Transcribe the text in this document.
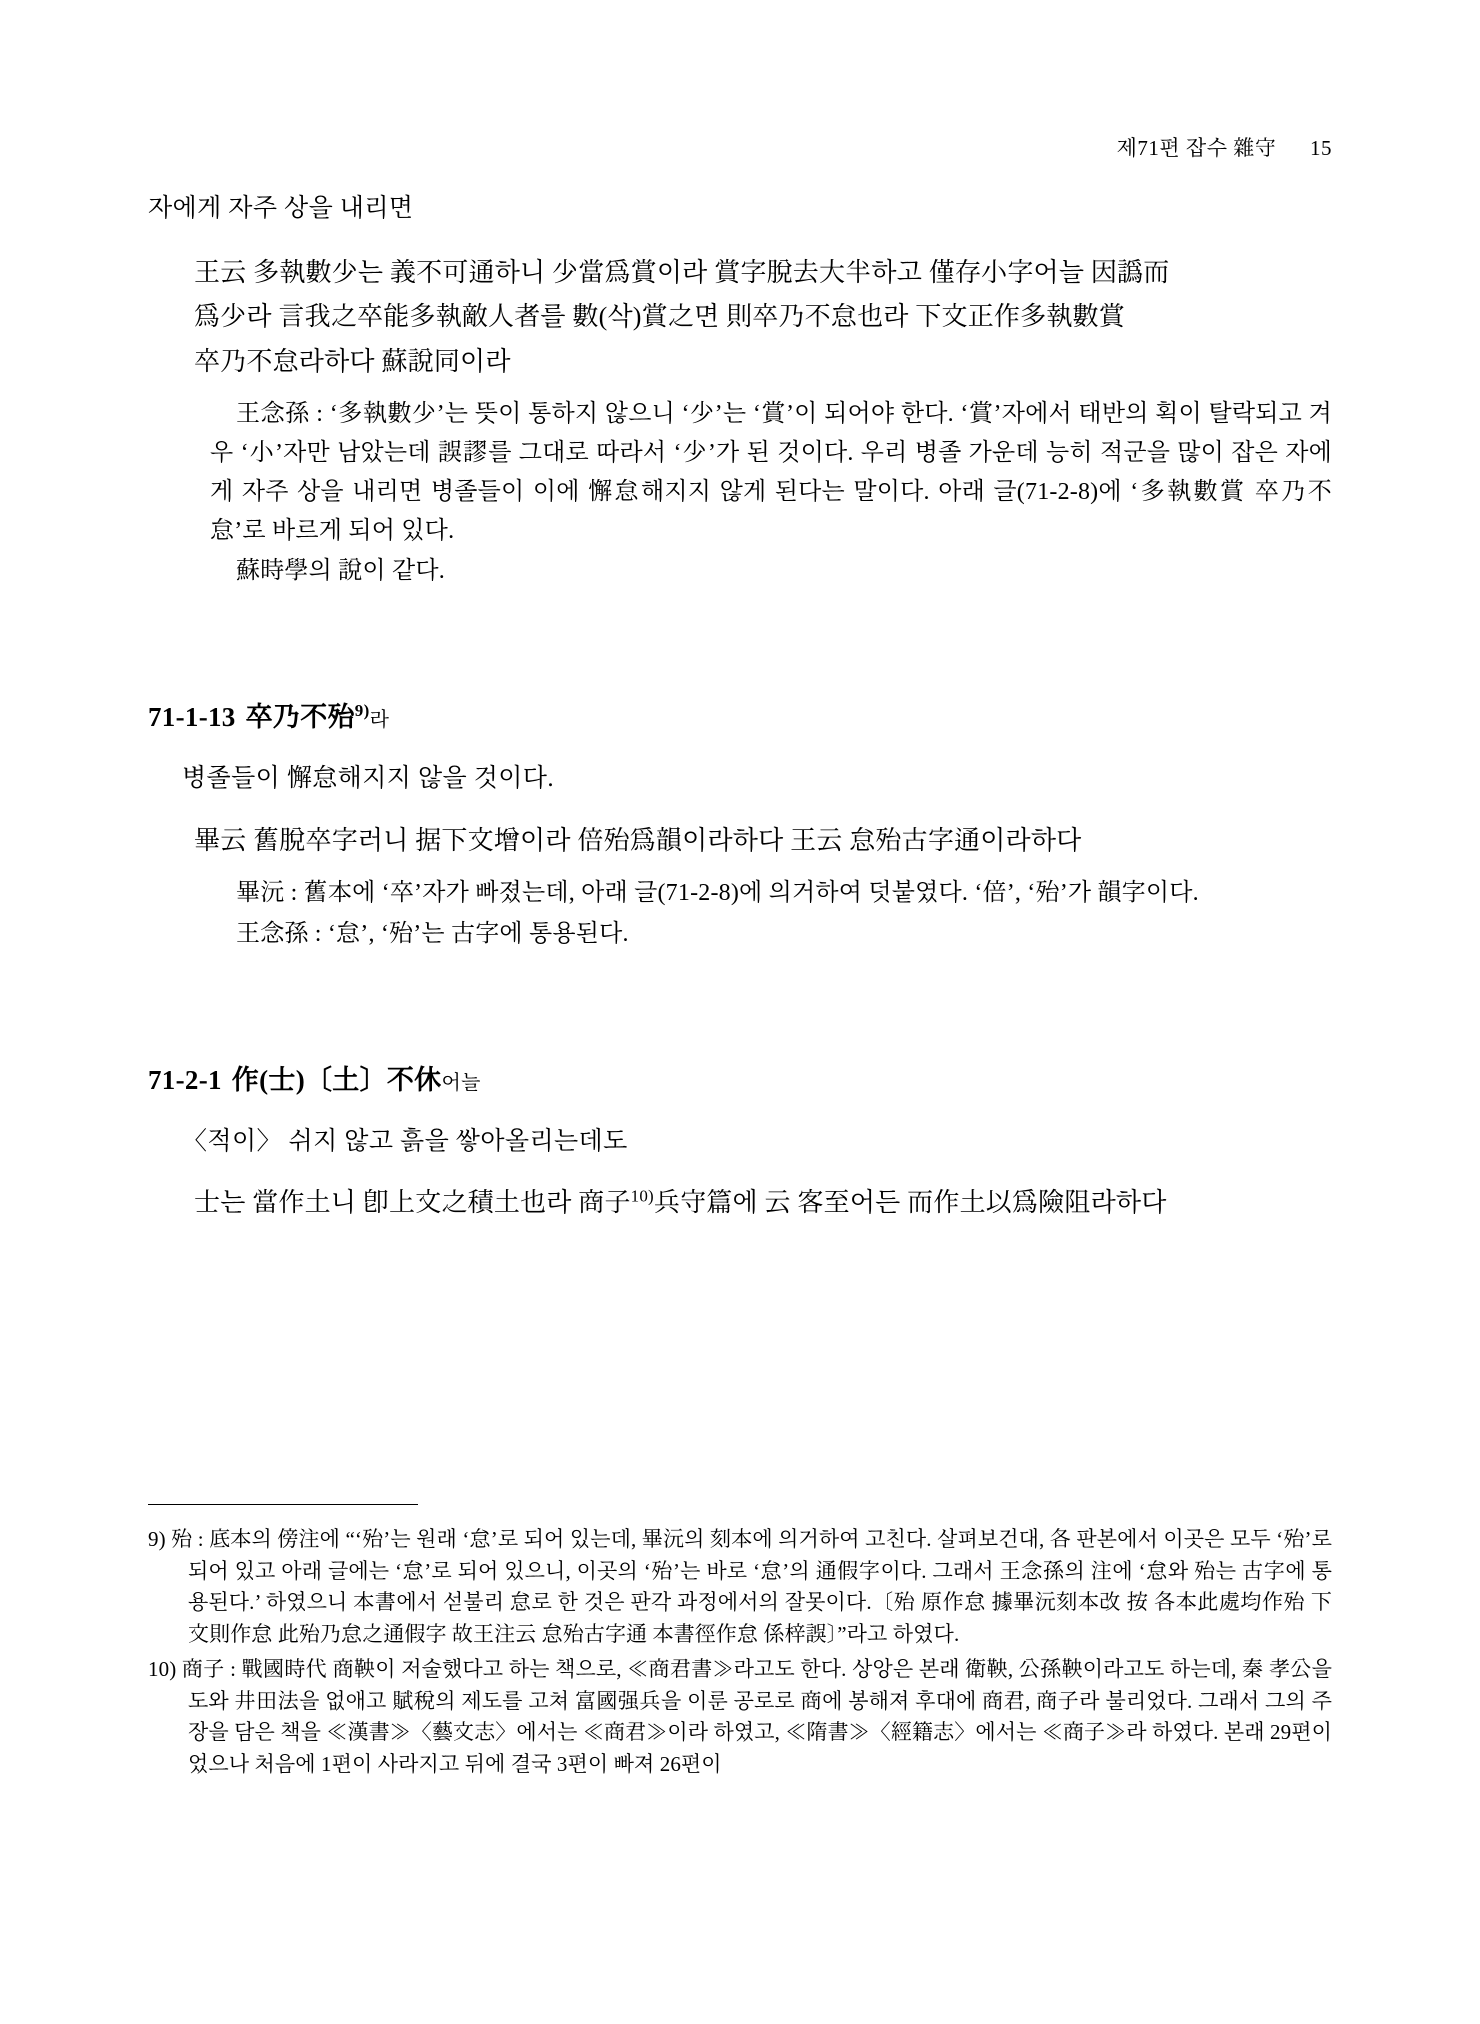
제71편 잡수 雜守 15

자에게 자주 상을 내리면

王云 多執數少는 義不可通하니 少當爲賞이라 賞字脫去大半하고 僅存小字어늘 因譌而
爲少라 言我之卒能多執敵人者를 數(삭)賞之면 則卒乃不怠也라 下文正作多執數賞
卒乃不怠라하다 蘇說同이라

王念孫 : ‘多執數少’는 뜻이 통하지 않으니 ‘少’는 ‘賞’이 되어야 한다. ‘賞’자에서 태반의 획이 탈락되고 겨우 ‘小’자만 남았는데 誤謬를 그대로 따라서 ‘少’가 된 것이다. 우리 병졸 가운데 능히 적군을 많이 잡은 자에게 자주 상을 내리면 병졸들이 이에 懈怠해지지 않게 된다는 말이다. 아래 글(71-2-8)에 ‘多執數賞 卒乃不怠’로 바르게 되어 있다.

蘇時學의 說이 같다.

71-1-13 卒乃不殆$^{9)}$라

병졸들이 懈怠해지지 않을 것이다.

畢云 舊脫卒字러니 据下文增이라 倍殆爲韻이라하다 王云 怠殆古字通이라하다

畢沅 : 舊本에 ‘卒’자가 빠졌는데, 아래 글(71-2-8)에 의거하여 덧붙였다. ‘倍’, ‘殆’가 韻字이다.

王念孫 : ‘怠’, ‘殆’는 古字에 통용된다.

71-2-1 作(士)〔土〕不休어늘

〈적이〉 쉬지 않고 흙을 쌓아올리는데도

士는 當作土니 卽上文之積土也라 商子$^{10)}$兵守篇에 云 客至어든 而作土以爲險阻라하다

9) 殆 : 底本의 傍注에 “‘殆’는 원래 ‘怠’로 되어 있는데, 畢沅의 刻本에 의거하여 고친다. 살펴보건대, 各 판본에서 이곳은 모두 ‘殆’로 되어 있고 아래 글에는 ‘怠’로 되어 있으니, 이곳의 ‘殆’는 바로 ‘怠’의 通假字이다. 그래서 王念孫의 注에 ‘怠와 殆는 古字에 통용된다.’ 하였으니 本書에서 섣불리 怠로 한 것은 판각 과정에서의 잘못이다.〔殆 原作怠 據畢沅刻本改 按 各本此處均作殆 下文則作怠 此殆乃怠之通假字 故王注云 怠殆古字通 本書徑作怠 係梓誤〕”라고 하였다.

10) 商子 : 戰國時代 商鞅이 저술했다고 하는 책으로, ≪商君書≫라고도 한다. 상앙은 본래 衛鞅, 公孫鞅이라고도 하는데, 秦 孝公을 도와 井田法을 없애고 賦稅의 제도를 고쳐 富國强兵을 이룬 공로로 商에 봉해져 후대에 商君, 商子라 불리었다. 그래서 그의 주장을 담은 책을 ≪漢書≫〈藝文志〉에서는 ≪商君≫이라 하였고, ≪隋書≫〈經籍志〉에서는 ≪商子≫라 하였다. 본래 29편이었으나 처음에 1편이 사라지고 뒤에 결국 3편이 빠져 26편이
